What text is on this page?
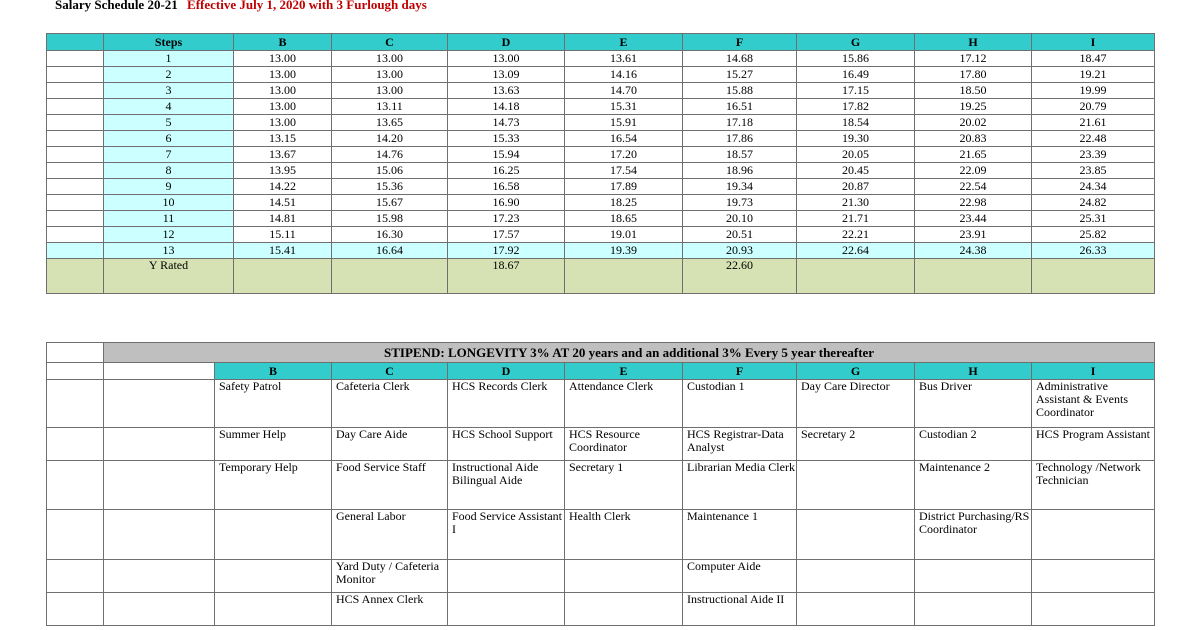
Salary Schedule 20-21 Effective July 1, 2020 with 3 Furlough days
	Steps	B	C	D	E	F	G	H	I
	1	13.00	13.00	13.00	13.61	14.68	15.86	17.12	18.47
	2	13.00	13.00	13.09	14.16	15.27	16.49	17.80	19.21
	3	13.00	13.00	13.63	14.70	15.88	17.15	18.50	19.99
	4	13.00	13.11	14.18	15.31	16.51	17.82	19.25	20.79
	5	13.00	13.65	14.73	15.91	17.18	18.54	20.02	21.61
	6	13.15	14.20	15.33	16.54	17.86	19.30	20.83	22.48
	7	13.67	14.76	15.94	17.20	18.57	20.05	21.65	23.39
	8	13.95	15.06	16.25	17.54	18.96	20.45	22.09	23.85
	9	14.22	15.36	16.58	17.89	19.34	20.87	22.54	24.34
	10	14.51	15.67	16.90	18.25	19.73	21.30	22.98	24.82
	11	14.81	15.98	17.23	18.65	20.10	21.71	23.44	25.31
	12	15.11	16.30	17.57	19.01	20.51	22.21	23.91	25.82
	13	15.41	16.64	17.92	19.39	20.93	22.64	24.38	26.33
	Y Rated			18.67		22.60			
	STIPEND: LONGEVITY 3% AT 20 years and an additional 3% Every 5 year thereafter								
		B	C	D	E	F	G	H	I
		Safety Patrol	Cafeteria Clerk	HCS Records Clerk	Attendance Clerk	Custodian 1	Day Care Director	Bus Driver	Administrative Assistant & Events Coordinator
		Summer Help	Day Care Aide	HCS School Support	HCS Resource Coordinator	HCS Registrar-Data Analyst	Secretary 2	Custodian 2	HCS Program Assistant
		Temporary Help	Food Service Staff	Instructional Aide Bilingual Aide	Secretary 1	Librarian Media Clerk		Maintenance 2	Technology /Network Technician
			General Labor	Food Service Assistant I	Health Clerk	Maintenance 1		District Purchasing/RS Coordinator	
			Yard Duty / Cafeteria Monitor			Computer Aide			
			HCS Annex Clerk			Instructional Aide II			
